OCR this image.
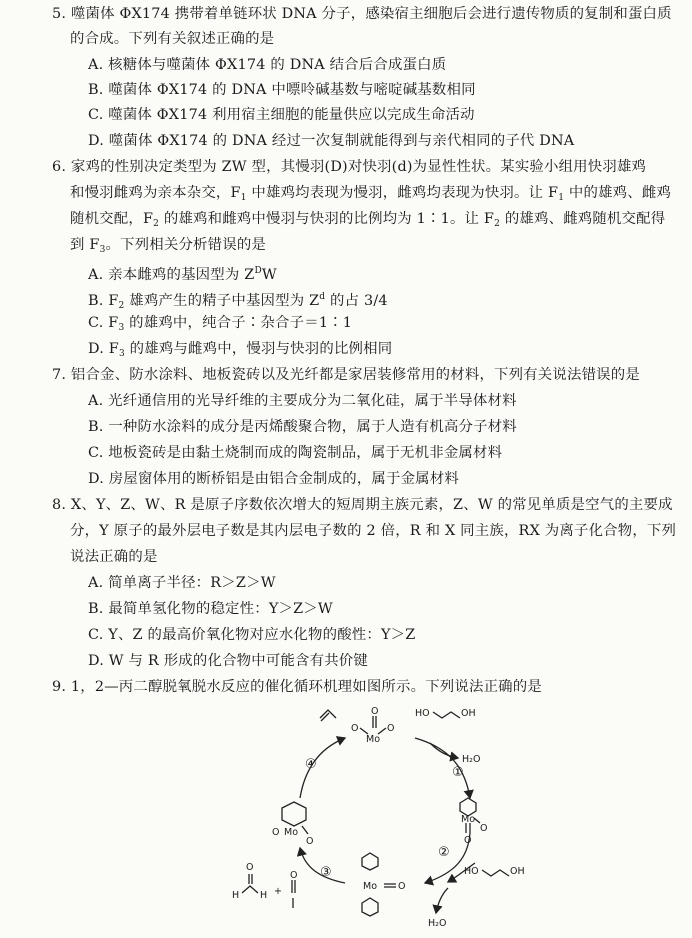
5. 噬菌体 ΦX174 携带着单链环状 DNA 分子，感染宿主细胞后会进行遗传物质的复制和蛋白质
的合成。下列有关叙述正确的是
A. 核糖体与噬菌体 ΦX174 的 DNA 结合后合成蛋白质
B. 噬菌体 ΦX174 的 DNA 中嘌呤碱基数与嘧啶碱基数相同
C. 噬菌体 ΦX174 利用宿主细胞的能量供应以完成生命活动
D. 噬菌体 ΦX174 的 DNA 经过一次复制就能得到与亲代相同的子代 DNA
6. 家鸡的性别决定类型为 ZW 型，其慢羽(D)对快羽(d)为显性性状。某实验小组用快羽雄鸡
和慢羽雌鸡为亲本杂交，$F_1$ 中雄鸡均表现为慢羽，雌鸡均表现为快羽。让 $F_1$ 中的雄鸡、雌鸡
随机交配，$F_2$ 的雄鸡和雌鸡中慢羽与快羽的比例均为 1∶1。让 $F_2$ 的雄鸡、雌鸡随机交配得
到 $F_3$。下列相关分析错误的是
A. 亲本雌鸡的基因型为 $Z^DW$
B. $F_2$ 雄鸡产生的精子中基因型为 $Z^d$ 的占 3/4
C. $F_3$ 的雄鸡中，纯合子∶杂合子＝1∶1
D. $F_3$ 的雄鸡与雌鸡中，慢羽与快羽的比例相同
7. 铝合金、防水涂料、地板瓷砖以及光纤都是家居装修常用的材料，下列有关说法错误的是
A. 光纤通信用的光导纤维的主要成分为二氧化硅，属于半导体材料
B. 一种防水涂料的成分是丙烯酸聚合物，属于人造有机高分子材料
C. 地板瓷砖是由黏土烧制而成的陶瓷制品，属于无机非金属材料
D. 房屋窗体用的断桥铝是由铝合金制成的，属于金属材料
8. X、Y、Z、W、R 是原子序数依次增大的短周期主族元素，Z、W 的常见单质是空气的主要成
分，Y 原子的最外层电子数是其内层电子数的 2 倍，R 和 X 同主族，RX 为离子化合物，下列
说法正确的是
A. 简单离子半径：R＞Z＞W
B. 最简单氢化物的稳定性：Y＞Z＞W
C. Y、Z 的最高价氧化物对应水化物的酸性：Y＞Z
D. W 与 R 形成的化合物中可能含有共价键
9. 1，2—丙二醇脱氧脱水反应的催化循环机理如图所示。下列说法正确的是
①
②
③
④
Mo
O
O	O
Mo
O
O
Mo O
Mo
O
O
H₂O
H₂O
HO	OH
HO	OH
H H +
O
O
